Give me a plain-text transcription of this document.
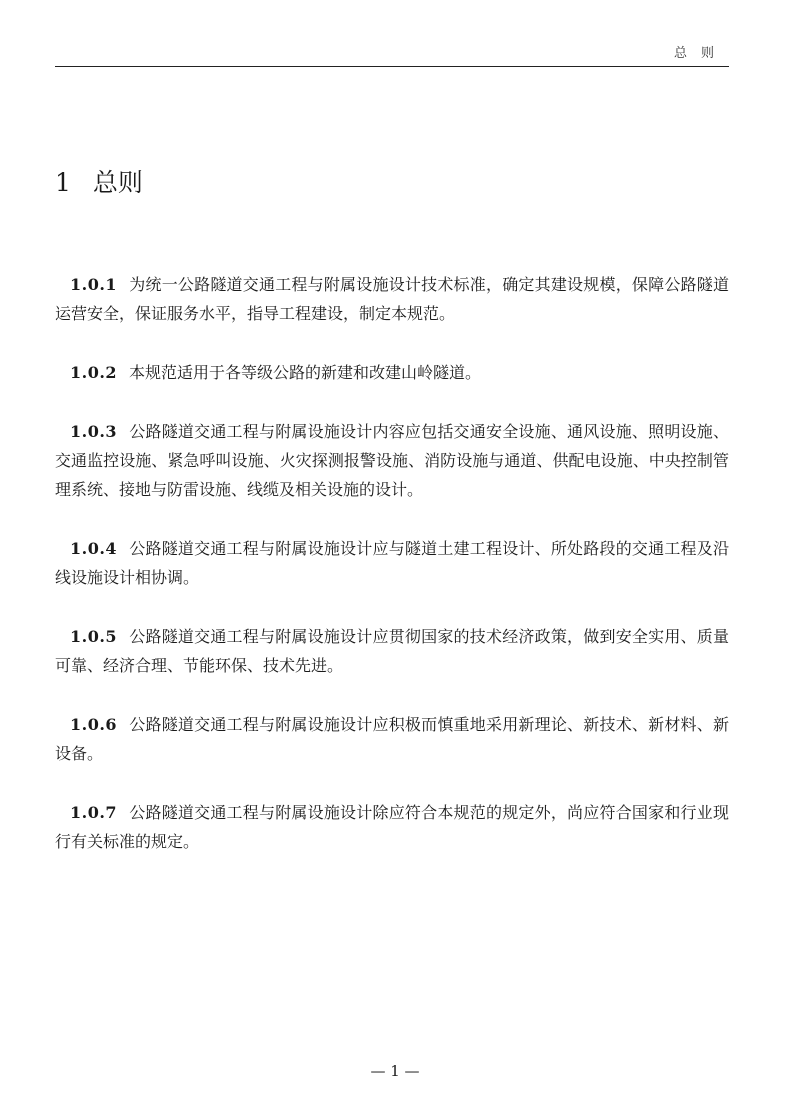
总则
1 总则

1.0.1 为统一公路隧道交通工程与附属设施设计技术标准，确定其建设规模，保障公路隧道运营安全，保证服务水平，指导工程建设，制定本规范。

1.0.2 本规范适用于各等级公路的新建和改建山岭隧道。

1.0.3 公路隧道交通工程与附属设施设计内容应包括交通安全设施、通风设施、照明设施、交通监控设施、紧急呼叫设施、火灾探测报警设施、消防设施与通道、供配电设施、中央控制管理系统、接地与防雷设施、线缆及相关设施的设计。

1.0.4 公路隧道交通工程与附属设施设计应与隧道土建工程设计、所处路段的交通工程及沿线设施设计相协调。

1.0.5 公路隧道交通工程与附属设施设计应贯彻国家的技术经济政策，做到安全实用、质量可靠、经济合理、节能环保、技术先进。

1.0.6 公路隧道交通工程与附属设施设计应积极而慎重地采用新理论、新技术、新材料、新设备。

1.0.7 公路隧道交通工程与附属设施设计除应符合本规范的规定外，尚应符合国家和行业现行有关标准的规定。

— 1 —
